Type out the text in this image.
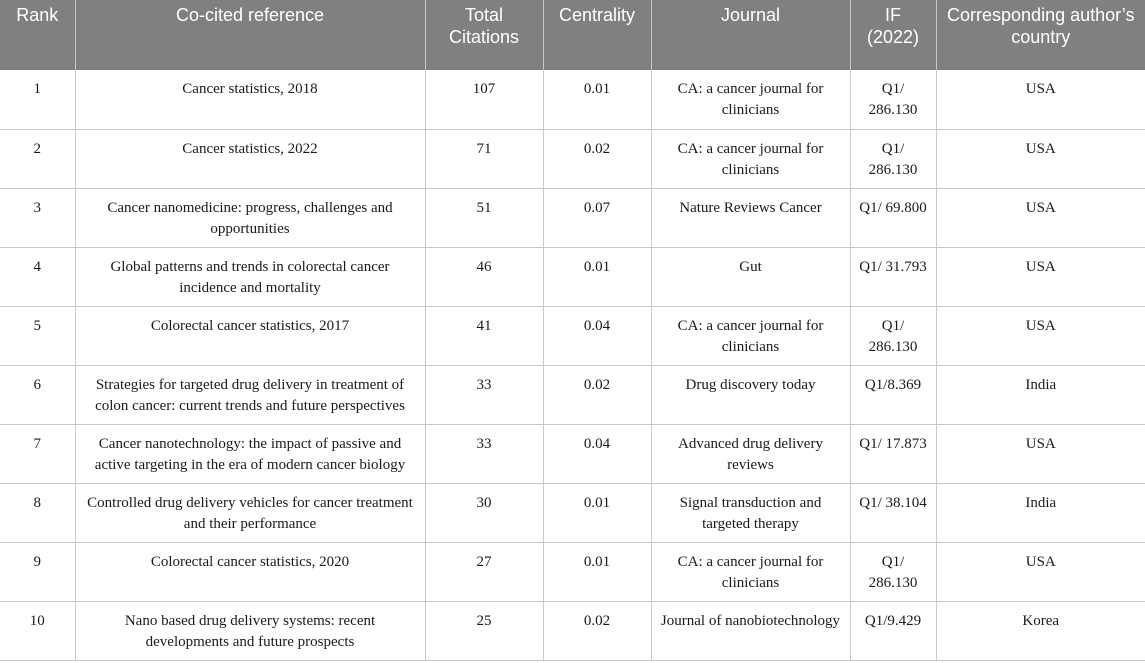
Rank	Co-cited reference	Total Citations	Centrality	Journal	IF (2022)	Corresponding author’s country
1	Cancer statistics, 2018	107	0.01	CA: a cancer journal for clinicians	Q1/ 286.130	USA
2	Cancer statistics, 2022	71	0.02	CA: a cancer journal for clinicians	Q1/ 286.130	USA
3	Cancer nanomedicine: progress, challenges and opportunities	51	0.07	Nature Reviews Cancer	Q1/ 69.800	USA
4	Global patterns and trends in colorectal cancer incidence and mortality	46	0.01	Gut	Q1/ 31.793	USA
5	Colorectal cancer statistics, 2017	41	0.04	CA: a cancer journal for clinicians	Q1/ 286.130	USA
6	Strategies for targeted drug delivery in treatment of colon cancer: current trends and future perspectives	33	0.02	Drug discovery today	Q1/8.369	India
7	Cancer nanotechnology: the impact of passive and active targeting in the era of modern cancer biology	33	0.04	Advanced drug delivery reviews	Q1/ 17.873	USA
8	Controlled drug delivery vehicles for cancer treatment and their performance	30	0.01	Signal transduction and targeted therapy	Q1/ 38.104	India
9	Colorectal cancer statistics, 2020	27	0.01	CA: a cancer journal for clinicians	Q1/ 286.130	USA
10	Nano based drug delivery systems: recent developments and future prospects	25	0.02	Journal of nanobiotechnology	Q1/9.429	Korea
